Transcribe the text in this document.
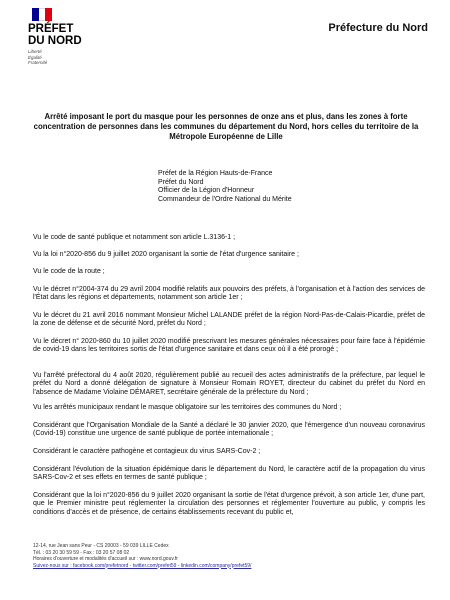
PRÉFET
DU NORD
Liberté
Égalité
Fraternité
Préfecture du Nord
Arrêté imposant le port du masque pour les personnes de onze ans et plus, dans les zones à forte
concentration de personnes dans les communes du département du Nord, hors celles du territoire de la
Métropole Européenne de Lille
Préfet de la Région Hauts-de-France
Préfet du Nord
Officier de la Légion d'Honneur
Commandeur de l'Ordre National du Mérite

Vu le code de santé publique et notamment son article L.3136-1 ;

Vu la loi n°2020-856 du 9 juillet 2020 organisant la sortie de l'état d'urgence sanitaire ;

Vu le code de la route ;

Vu le décret n°2004-374 du 29 avril 2004 modifié relatifs aux pouvoirs des préfets, à l'organisation et à l'action des services de l'État dans les régions et départements, notamment son article 1er ;

Vu le décret du 21 avril 2016 nommant Monsieur Michel LALANDE préfet de la région Nord-Pas-de-Calais-Picardie, préfet de la zone de défense et de sécurité Nord, préfet du Nord ;

Vu le décret n° 2020-860 du 10 juillet 2020 modifié prescrivant les mesures générales nécessaires pour faire face à l'épidémie de covid-19 dans les territoires sortis de l'état d'urgence sanitaire et dans ceux où il a été prorogé ;

Vu l'arrêté préfectoral du 4 août 2020, régulièrement publié au recueil des actes administratifs de la préfecture, par lequel le préfet du Nord a donné délégation de signature à Monsieur Romain ROYET, directeur du cabinet du préfet du Nord en l'absence de Madame Violaine DÉMARET, secrétaire générale de la préfecture du Nord ;

Vu les arrêtés municipaux rendant le masque obligatoire sur les territoires des communes du Nord ;

Considérant que l'Organisation Mondiale de la Santé a déclaré le 30 janvier 2020, que l'émergence d'un nouveau coronavirus (Covid-19) constitue une urgence de santé publique de portée internationale ;

Considérant le caractère pathogène et contagieux du virus SARS-Cov-2 ;

Considérant l'évolution de la situation épidémique dans le département du Nord, le caractère actif de la propagation du virus SARS-Cov-2 et ses effets en termes de santé publique ;

Considérant que la loi n°2020-856 du 9 juillet 2020 organisant la sortie de l'état d'urgence prévoit, à son article 1er, d'une part, que le Premier ministre peut réglementer la circulation des personnes et réglementer l'ouverture au public, y compris les conditions d'accès et de présence, de certains établissements recevant du public et,

12-14, rue Jean sans Peur - CS 20003 - 59 039 LILLE Cedex
Tél. : 03 20 30 59 59 - Fax : 03 20 57 08 02
Horaires d'ouverture et modalités d'accueil sur : www.nord.gouv.fr
Suivez-nous sur : facebook.com/prefetnord - twitter.com/prefet59 - linkedin.com/company/prefet59/
